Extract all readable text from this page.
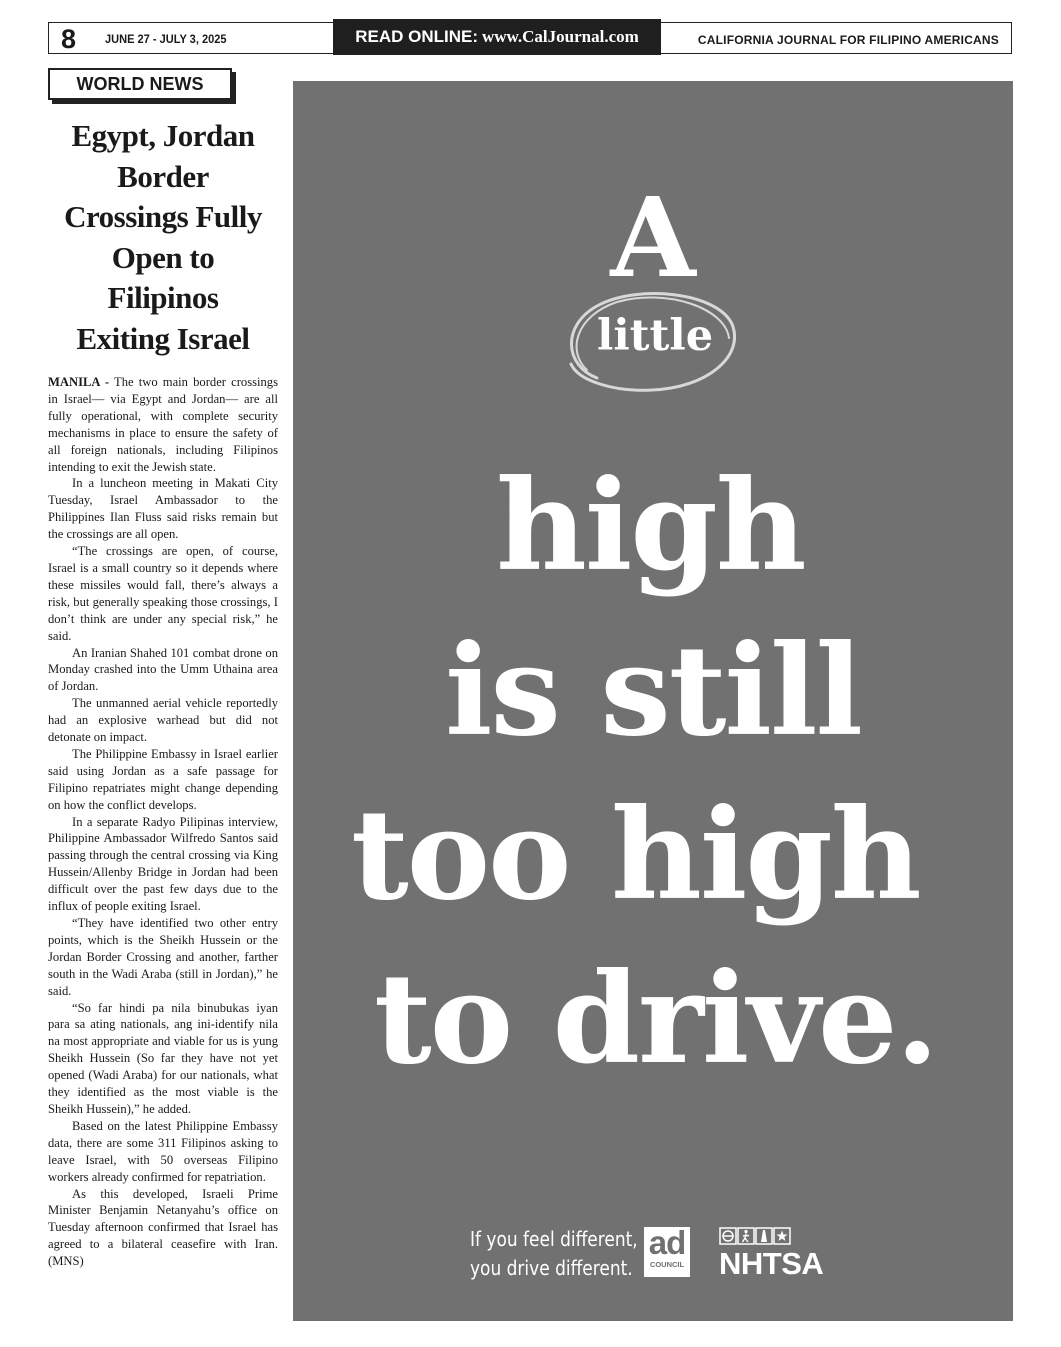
8 JUNE 27 - JULY 3, 2025	READ ONLINE: www.CalJournal.com	CALIFORNIA JOURNAL FOR FILIPINO AMERICANS
WORLD NEWS
Egypt, Jordan
Border
Crossings Fully
Open to
Filipinos
Exiting Israel

MANILA - The two main border crossings in Israel— via Egypt and Jordan— are all fully operational, with complete security mechanisms in place to ensure the safety of all foreign nationals, including Filipinos intending to exit the Jewish state.

In a luncheon meeting in Makati City Tuesday, Israel Ambassador to the Philippines Ilan Fluss said risks remain but the crossings are all open.

“The crossings are open, of course, Israel is a small country so it depends where these missiles would fall, there’s always a risk, but generally speaking those crossings, I don’t think are under any special risk,” he said.

An Iranian Shahed 101 combat drone on Monday crashed into the Umm Uthaina area of Jordan.

The unmanned aerial vehicle reportedly had an explosive warhead but did not detonate on impact.

The Philippine Embassy in Israel earlier said using Jordan as a safe passage for Filipino repatriates might change depending on how the conflict develops.

In a separate Radyo Pilipinas interview, Philippine Ambassador Wilfredo Santos said passing through the central crossing via King Hussein/Allenby Bridge in Jordan had been difficult over the past few days due to the influx of people exiting Israel.

“They have identified two other entry points, which is the Sheikh Hussein or the Jordan Border Crossing and another, farther south in the Wadi Araba (still in Jordan),” he said.

“So far hindi pa nila binubukas iyan para sa ating nationals, ang ini-identify nila na most appropriate and viable for us is yung Sheikh Hussein (So far they have not yet opened (Wadi Araba) for our nationals, what they identified as the most viable is the Sheikh Hussein),” he added.

Based on the latest Philippine Embassy data, there are some 311 Filipinos asking to leave Israel, with 50 overseas Filipino workers already confirmed for repatriation.

As this developed, Israeli Prime Minister Benjamin Netanyahu’s office on Tuesday afternoon confirmed that Israel has agreed to a bilateral ceasefire with Iran. (MNS)

A
little
high
is still
too high
to drive.
If you feel different,
you drive different.
ad
COUNCIL NHTSA
